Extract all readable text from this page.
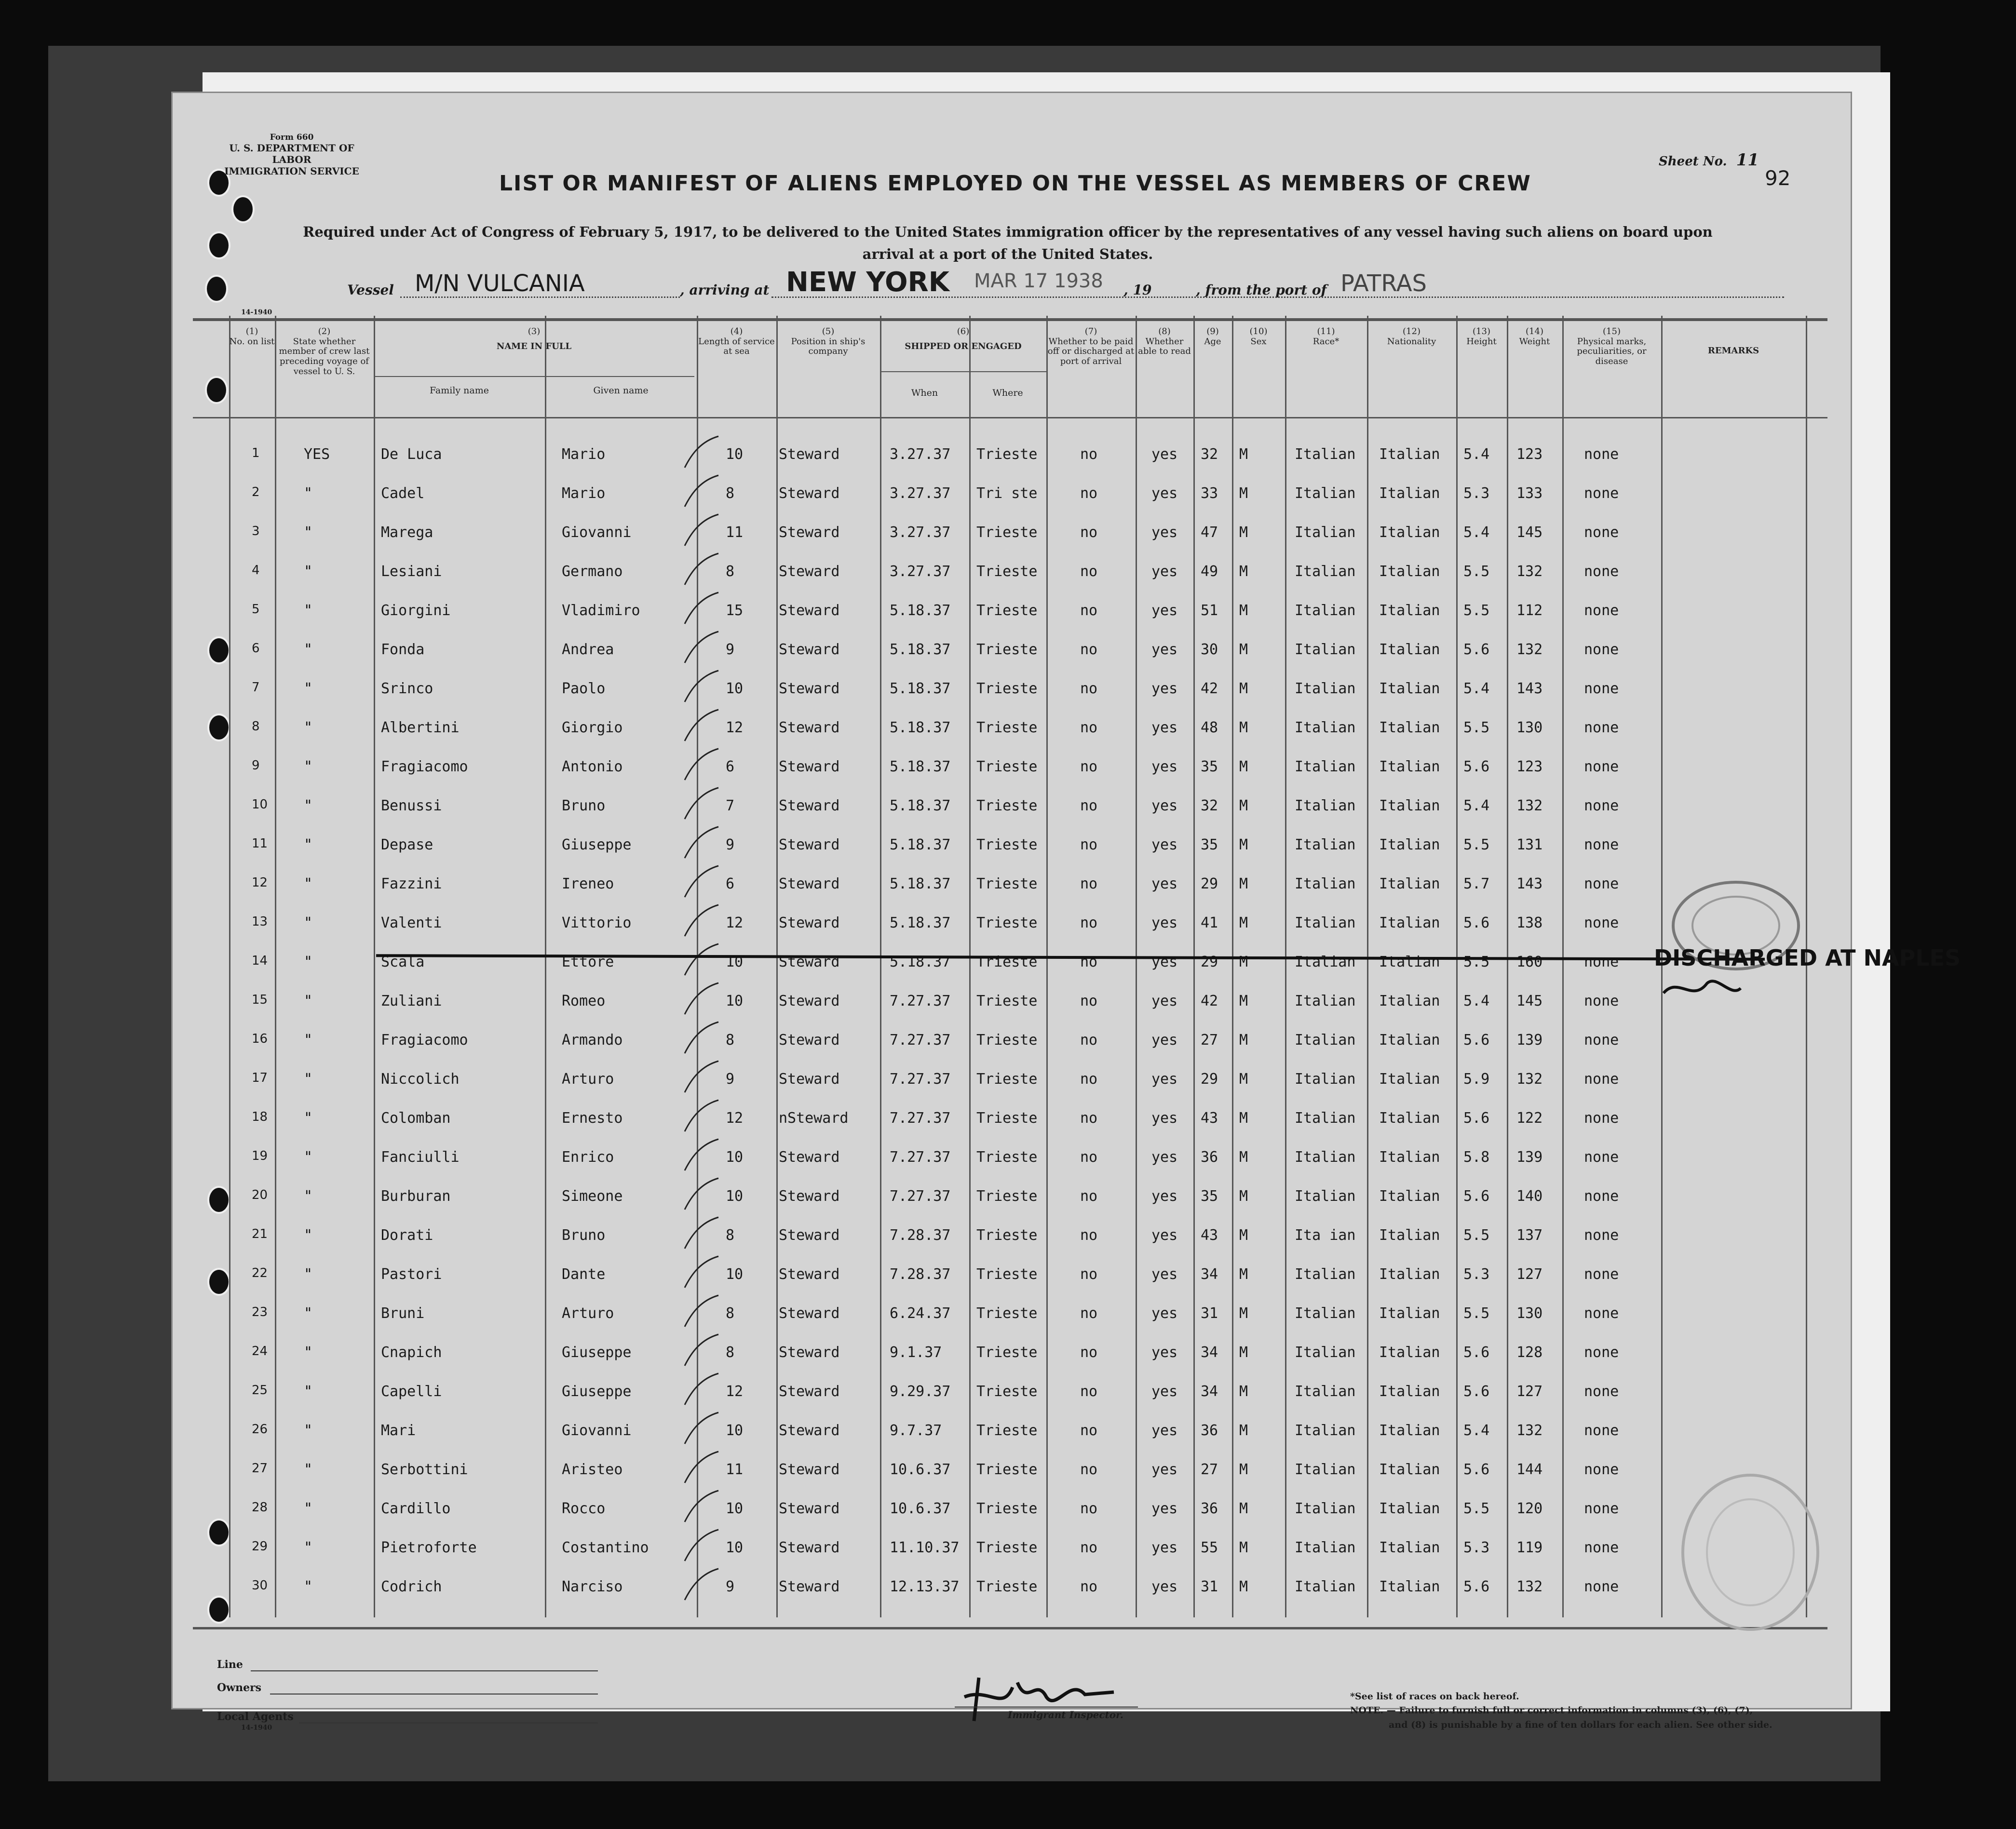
Form 660
U. S. DEPARTMENT OF LABOR
IMMIGRATION SERVICE
Sheet No. 11
92
LIST OR MANIFEST OF ALIENS EMPLOYED ON THE VESSEL AS MEMBERS OF CREW
Required under Act of Congress of February 5, 1917, to be delivered to the United States immigration officer by the representatives of any vessel having such aliens on board upon
arrival at a port of the United States.
Vessel M/N VULCANIA	, arriving at NEW YORK MAR 17 1938 , 19	, from the port of PATRAS
14-1940
(1)
No. on list
(2)
State whether member of crew last preceding voyage of vessel to U. S.
(3)
NAME IN FULL
(4)
Length of service at sea
(5)
Position in ship's company
(6)
SHIPPED OR ENGAGED
(7)
Whether to be paid off or discharged at port of arrival
(8)
Whether able to read
(9)
Age
(10)
Sex
(11)
Race*
(12)
Nationality
(13)
Height
(14)
Weight
(15)
Physical marks, peculiarities, or disease
REMARKS
Family name	Given name	When	Where
1	YES	De Luca	Mario	10 Steward	3.27.37 Trieste	no	yes 32 M	Italian Italian 5.4 123	none
2	"	Cadel	Mario	8	Steward	3.27.37 Tri ste	no	yes 33 M	Italian Italian 5.3 133	none
3	"	Marega	Giovanni	11 Steward	3.27.37 Trieste	no	yes 47 M	Italian Italian 5.4 145	none
4	"	Lesiani	Germano	8	Steward	3.27.37 Trieste	no	yes 49 M	Italian Italian 5.5 132	none
5	"	Giorgini	Vladimiro	15 Steward	5.18.37 Trieste	no	yes 51 M	Italian Italian 5.5 112	none
6	"	Fonda	Andrea	9	Steward	5.18.37 Trieste	no	yes 30 M	Italian Italian 5.6 132	none
7	"	Srinco	Paolo	10 Steward	5.18.37 Trieste	no	yes 42 M	Italian Italian 5.4 143	none
8	"	Albertini	Giorgio	12 Steward	5.18.37 Trieste	no	yes 48 M	Italian Italian 5.5 130	none
9	"	Fragiacomo	Antonio	6	Steward	5.18.37 Trieste	no	yes 35 M	Italian Italian 5.6 123	none
10 "	Benussi	Bruno	7	Steward	5.18.37 Trieste	no	yes 32 M	Italian Italian 5.4 132	none
11 "	Depase	Giuseppe	9	Steward	5.18.37 Trieste	no	yes 35 M	Italian Italian 5.5 131	none
12 "	Fazzini	Ireneo	6	Steward	5.18.37 Trieste	no	yes 29 M	Italian Italian 5.7 143	none
13 "	Valenti	Vittorio	12 Steward	5.18.37 Trieste	no	yes 41 M	Italian Italian 5.6 138	none
14 "	Scala	Ettore	10 Steward	5.18.37 Trieste	no	yes 29 M	Italian Italian 5.5 160	none
15 "	Zuliani	Romeo	10 Steward	7.27.37 Trieste	no	yes 42 M	Italian Italian 5.4 145	none
16 "	Fragiacomo	Armando	8	Steward	7.27.37 Trieste	no	yes 27 M	Italian Italian 5.6 139	none
17 "	Niccolich	Arturo	9	Steward	7.27.37 Trieste	no	yes 29 M	Italian Italian 5.9 132	none
18 "	Colomban	Ernesto	12 nSteward	7.27.37 Trieste	no	yes 43 M	Italian Italian 5.6 122	none
19 "	Fanciulli	Enrico	10 Steward	7.27.37 Trieste	no	yes 36 M	Italian Italian 5.8 139	none
20 "	Burburan	Simeone	10 Steward	7.27.37 Trieste	no	yes 35 M	Italian Italian 5.6 140	none
21 "	Dorati	Bruno	8	Steward	7.28.37 Trieste	no	yes 43 M	Ita ian Italian 5.5 137	none
22 "	Pastori	Dante	10 Steward	7.28.37 Trieste	no	yes 34 M	Italian Italian 5.3 127	none
23 "	Bruni	Arturo	8	Steward	6.24.37 Trieste	no	yes 31 M	Italian Italian 5.5 130	none
24 "	Cnapich	Giuseppe	8	Steward	9.1.37 Trieste	no	yes 34 M	Italian Italian 5.6 128	none
25 "	Capelli	Giuseppe	12 Steward	9.29.37 Trieste	no	yes 34 M	Italian Italian 5.6 127	none
26 "	Mari	Giovanni	10 Steward	9.7.37 Trieste	no	yes 36 M	Italian Italian 5.4 132	none
27 "	Serbottini	Aristeo	11 Steward	10.6.37 Trieste	no	yes 27 M	Italian Italian 5.6 144	none
28 "	Cardillo	Rocco	10 Steward	10.6.37 Trieste	no	yes 36 M	Italian Italian 5.5 120	none
29 "	Pietroforte	Costantino	10 Steward	11.10.37 Trieste	no	yes 55 M	Italian Italian 5.3 119	none
30 "	Codrich	Narciso	9	Steward	12.13.37 Trieste	no	yes 31 M	Italian Italian 5.6 132	none
DISCHARGED AT NAPLES
Line
Owners
Local Agents
14-1940
Immigrant Inspector.
*See list of races on back hereof.
NOTE. — Failure to furnish full or correct information in columns (3), (6), (7),
and (8) is punishable by a fine of ten dollars for each alien. See other side.
